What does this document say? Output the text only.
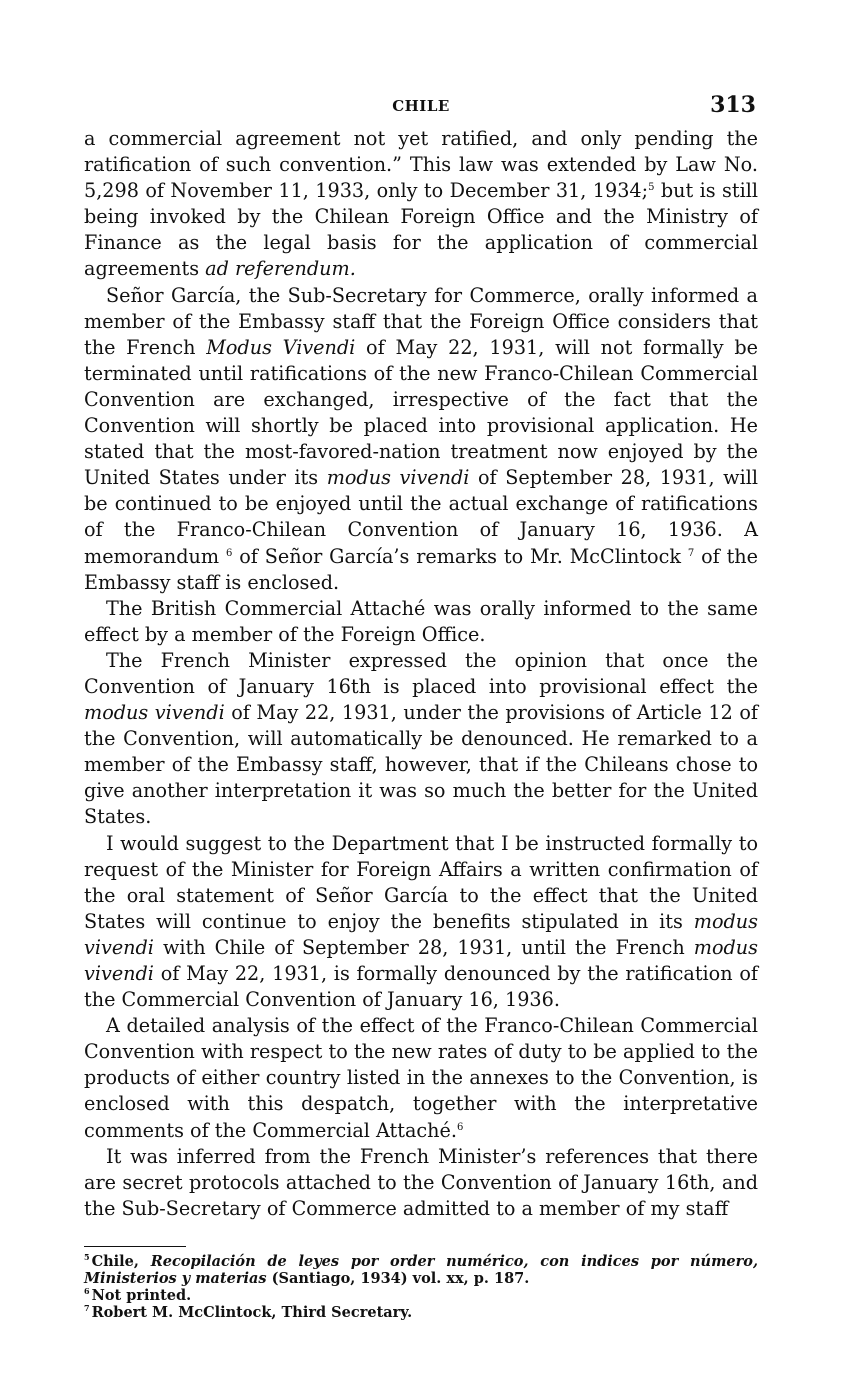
CHILE	313

a commercial agreement not yet ratified, and only pending the ratification of such convention.” This law was extended by Law No. 5,298 of November 11, 1933, only to December 31, 1934;$^5$ but is still being invoked by the Chilean Foreign Office and the Ministry of Finance as the legal basis for the application of commercial agreements ad referendum.

Señor García, the Sub-Secretary for Commerce, orally informed a member of the Embassy staff that the Foreign Office considers that the French Modus Vivendi of May 22, 1931, will not formally be terminated until ratifications of the new Franco-Chilean Commercial Convention are exchanged, irrespective of the fact that the Convention will shortly be placed into provisional application. He stated that the most-favored-nation treatment now enjoyed by the United States under its modus vivendi of September 28, 1931, will be continued to be enjoyed until the actual exchange of ratifications of the Franco-Chilean Convention of January 16, 1936. A memorandum $^6$ of Señor García’s remarks to Mr. McClintock $^7$ of the Embassy staff is enclosed.

The British Commercial Attaché was orally informed to the same effect by a member of the Foreign Office.

The French Minister expressed the opinion that once the Convention of January 16th is placed into provisional effect the modus vivendi of May 22, 1931, under the provisions of Article 12 of the Convention, will automatically be denounced. He remarked to a member of the Embassy staff, however, that if the Chileans chose to give another interpretation it was so much the better for the United States.

I would suggest to the Department that I be instructed formally to request of the Minister for Foreign Affairs a written confirmation of the oral statement of Señor García to the effect that the United States will continue to enjoy the benefits stipulated in its modus vivendi with Chile of September 28, 1931, until the French modus vivendi of May 22, 1931, is formally denounced by the ratification of the Commercial Convention of January 16, 1936.

A detailed analysis of the effect of the Franco-Chilean Commercial Convention with respect to the new rates of duty to be applied to the products of either country listed in the annexes to the Convention, is enclosed with this despatch, together with the interpretative comments of the Commercial Attaché.$^6$

It was inferred from the French Minister’s references that there are secret protocols attached to the Convention of January 16th, and the Sub-Secretary of Commerce admitted to a member of my staff

$^5$ Chile, Recopilación de leyes por order numérico, con indices por número, Ministerios y materias (Santiago, 1934) vol. xx, p. 187.

$^6$ Not printed.

$^7$ Robert M. McClintock, Third Secretary.
